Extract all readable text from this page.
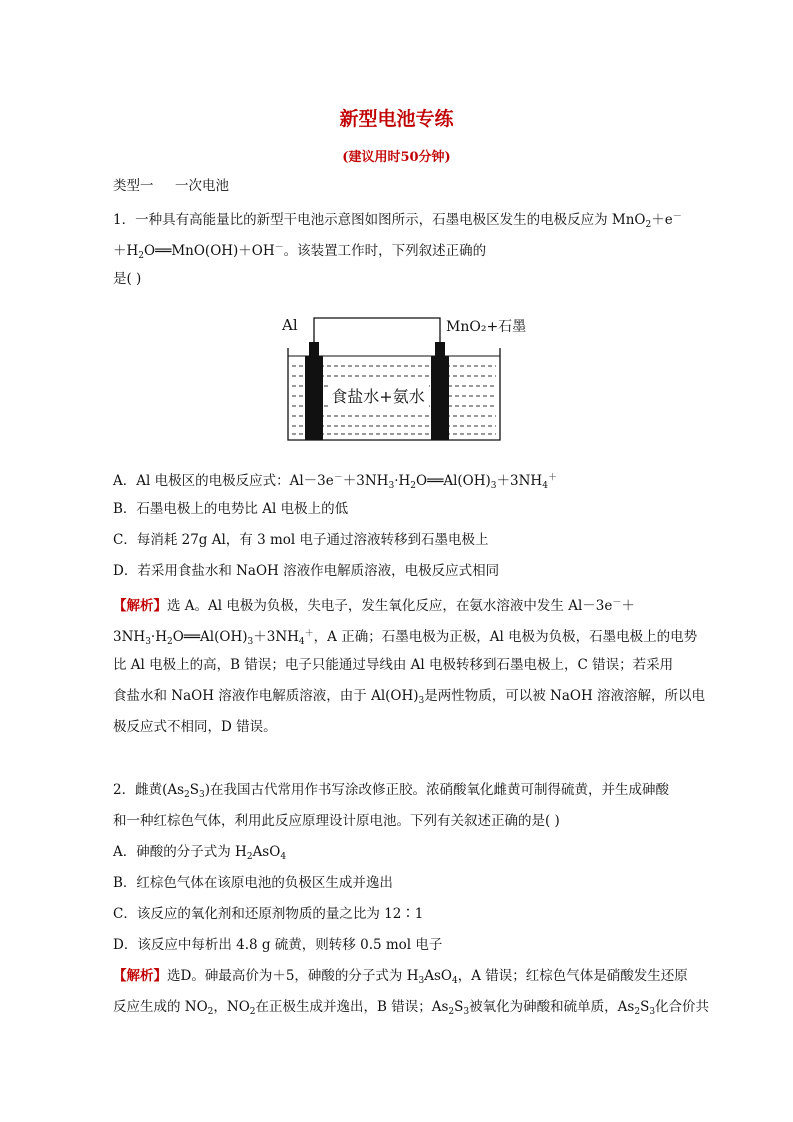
新型电池专练
(建议用时50分钟)
类型一 一次电池
1．一种具有高能量比的新型干电池示意图如图所示，石墨电极区发生的电极反应为 MnO$_2$＋e－
$+H_2O══MnO(OH)+OH^-$。该装置工作时，下列叙述正确的
是( )
Al	MnO₂+石墨
食盐水+氨水
A．Al 电极区的电极反应式：$Al-3e^-+3NH_3\cdot H_2O══Al(OH)_3+3NH_4^+$
B．石墨电极上的电势比 Al 电极上的低
C．每消耗 27g Al，有 3 mol 电子通过溶液转移到石墨电极上
D．若采用食盐水和 NaOH 溶液作电解质溶液，电极反应式相同
【解析】选 A。Al 电极为负极，失电子，发生氧化反应，在氨水溶液中发生 Al－3e－＋
$3NH_3\cdot H_2O══Al(OH)_3+3NH_4^+$，A 正确；石墨电极为正极，Al 电极为负极，石墨电极上的电势
比 Al 电极上的高，B 错误；电子只能通过导线由 Al 电极转移到石墨电极上，C 错误；若采用
食盐水和 NaOH 溶液作电解质溶液，由于 $Al(OH)_3$是两性物质，可以被 NaOH 溶液溶解，所以电
极反应式不相同，D 错误。
2．雌黄$(As_2S_3)$在我国古代常用作书写涂改修正胶。浓硝酸氧化雌黄可制得硫黄，并生成砷酸
和一种红棕色气体，利用此反应原理设计原电池。下列有关叙述正确的是( )
A．砷酸的分子式为 $H_2AsO_4$
B．红棕色气体在该原电池的负极区生成并逸出
C．该反应的氧化剂和还原剂物质的量之比为 12∶1
D．该反应中每析出 4.8 g 硫黄，则转移 0.5 mol 电子
【解析】选D。砷最高价为＋5，砷酸的分子式为 $H_3AsO_4$，A 错误；红棕色气体是硝酸发生还原
反应生成的 $NO_2$，$NO_2$在正极生成并逸出，B 错误；$As_2S_3$被氧化为砷酸和硫单质，$As_2S_3$化合价共
